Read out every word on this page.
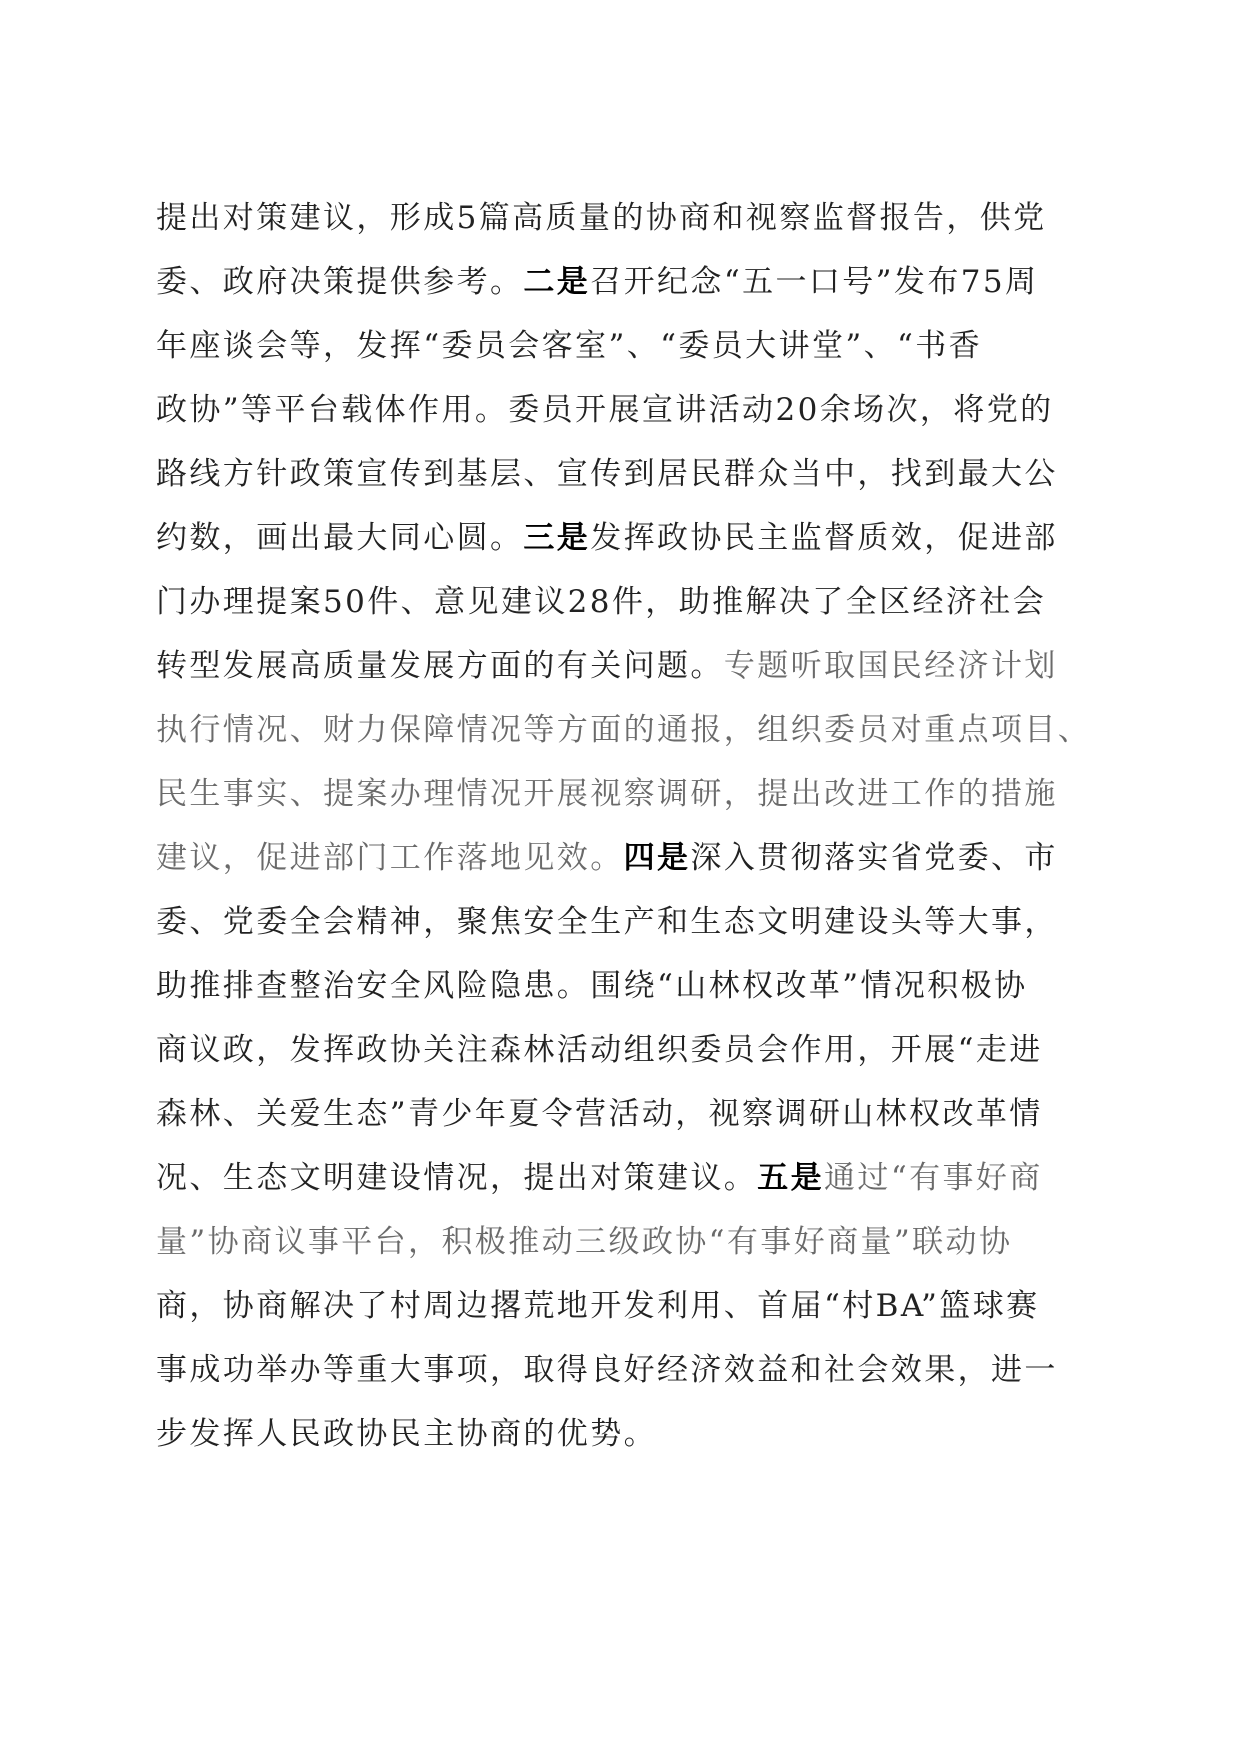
提出对策建议，形成5篇高质量的协商和视察监督报告，供党
委、政府决策提供参考。二是召开纪念“五一口号”发布75周
年座谈会等，发挥“委员会客室”、“委员大讲堂”、“书香
政协”等平台载体作用。委员开展宣讲活动20余场次，将党的
路线方针政策宣传到基层、宣传到居民群众当中，找到最大公
约数，画出最大同心圆。三是发挥政协民主监督质效，促进部
门办理提案50件、意见建议28件，助推解决了全区经济社会
转型发展高质量发展方面的有关问题。专题听取国民经济计划
执行情况、财力保障情况等方面的通报，组织委员对重点项目、
民生事实、提案办理情况开展视察调研，提出改进工作的措施
建议，促进部门工作落地见效。四是深入贯彻落实省党委、市
委、党委全会精神，聚焦安全生产和生态文明建设头等大事，
助推排查整治安全风险隐患。围绕“山林权改革”情况积极协
商议政，发挥政协关注森林活动组织委员会作用，开展“走进
森林、关爱生态”青少年夏令营活动，视察调研山林权改革情
况、生态文明建设情况，提出对策建议。五是通过“有事好商
量”协商议事平台，积极推动三级政协“有事好商量”联动协
商，协商解决了村周边撂荒地开发利用、首届“村BA”篮球赛
事成功举办等重大事项，取得良好经济效益和社会效果，进一
步发挥人民政协民主协商的优势。
